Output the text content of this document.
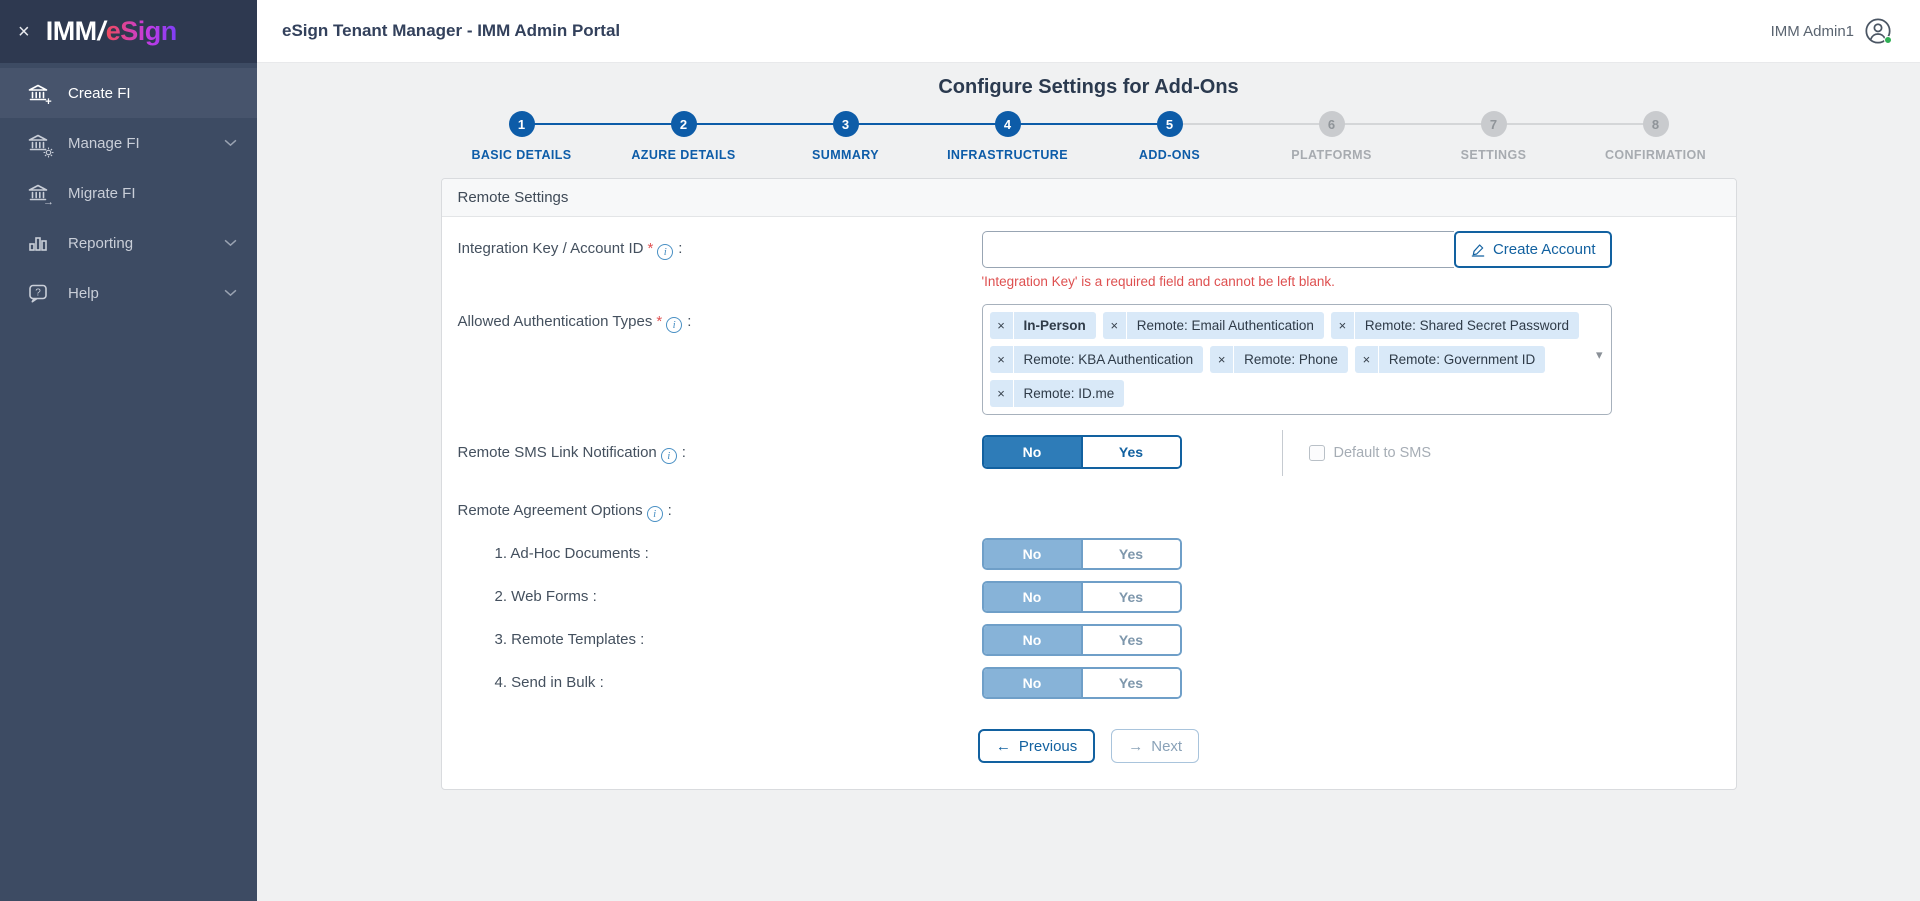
× IMM/eSign
+
Create FI
Manage FI
→
Migrate FI
Reporting
? Help
eSign Tenant Manager - IMM Admin Portal	IMM Admin1
Configure Settings for Add-Ons
1
BASIC DETAILS
2
AZURE DETAILS
3
SUMMARY
4
INFRASTRUCTURE
5
ADD-ONS
6
PLATFORMS
7
SETTINGS
8
CONFIRMATION
Remote Settings
Integration Key / Account ID * i :	Create Account
'Integration Key' is a required field and cannot be left blank.
Allowed Authentication Types * i :	×	In-Person	×	Remote: Email Authentication	×	Remote: Shared Secret Password
×	Remote: KBA Authentication	×	Remote: Phone	×	Remote: Government ID
×	Remote: ID.me
▾
Remote SMS Link Notification i :	No	Yes	Default to SMS
Remote Agreement Options i :
1. Ad-Hoc Documents :	No	Yes
2. Web Forms :	No	Yes
3. Remote Templates :	No	Yes
4. Send in Bulk :	No	Yes
← Previous	→ Next
